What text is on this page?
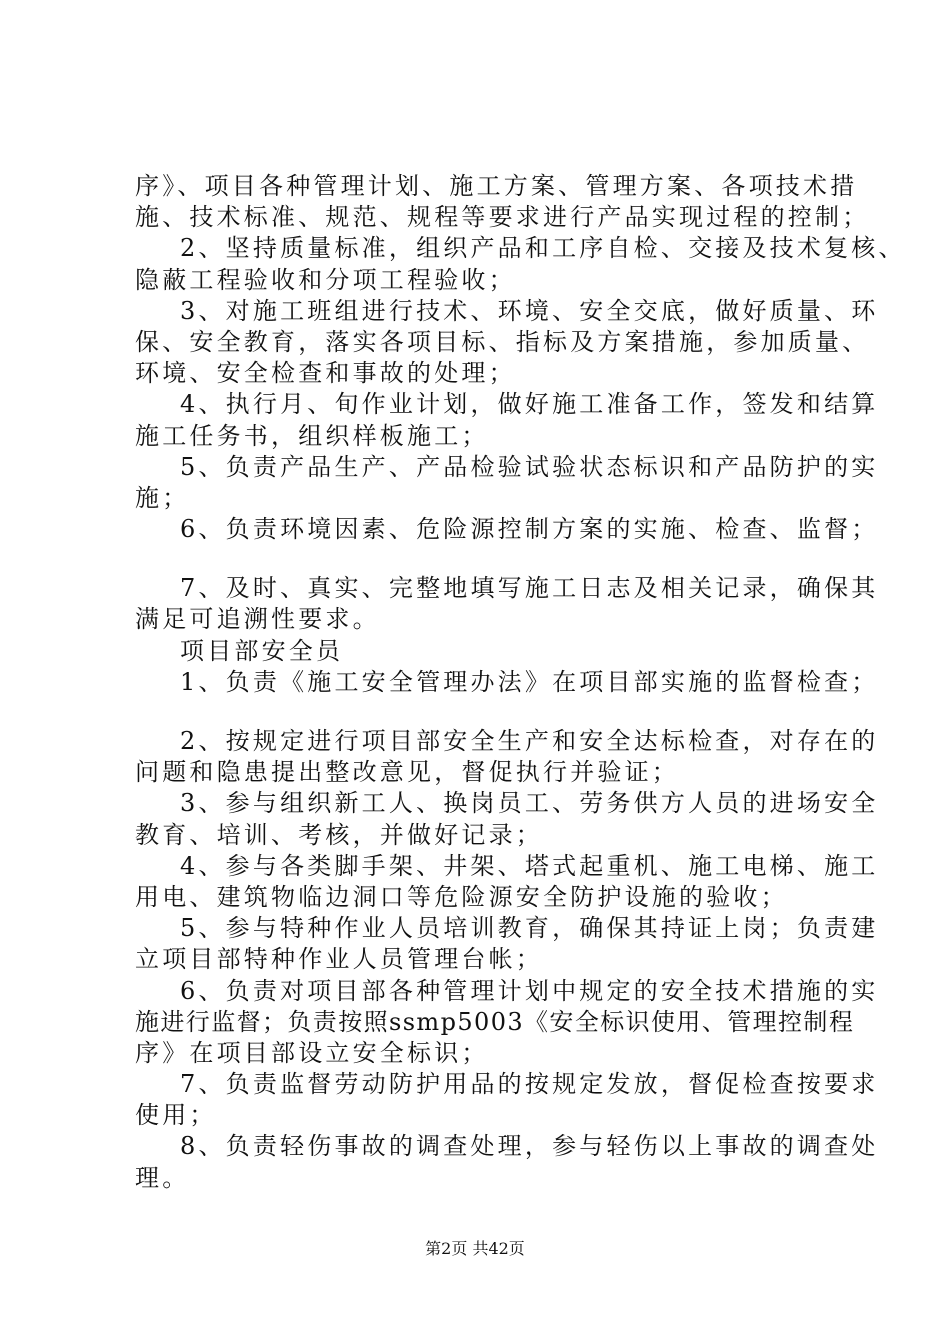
序》、项目各种管理计划、施工方案、管理方案、各项技术措
施、技术标准、规范、规程等要求进行产品实现过程的控制；
2、坚持质量标准，组织产品和工序自检、交接及技术复核、
隐蔽工程验收和分项工程验收；
3、对施工班组进行技术、环境、安全交底，做好质量、环
保、安全教育，落实各项目标、指标及方案措施，参加质量、
环境、安全检查和事故的处理；
4、执行月、旬作业计划，做好施工准备工作，签发和结算
施工任务书，组织样板施工；
5、负责产品生产、产品检验试验状态标识和产品防护的实
施；
6、负责环境因素、危险源控制方案的实施、检查、监督；
7、及时、真实、完整地填写施工日志及相关记录，确保其
满足可追溯性要求。
项目部安全员
1、负责《施工安全管理办法》在项目部实施的监督检查；
2、按规定进行项目部安全生产和安全达标检查，对存在的
问题和隐患提出整改意见，督促执行并验证；
3、参与组织新工人、换岗员工、劳务供方人员的进场安全
教育、培训、考核，并做好记录；
4、参与各类脚手架、井架、塔式起重机、施工电梯、施工
用电、建筑物临边洞口等危险源安全防护设施的验收；
5、参与特种作业人员培训教育，确保其持证上岗；负责建
立项目部特种作业人员管理台帐；
6、负责对项目部各种管理计划中规定的安全技术措施的实
施进行监督；负责按照ssmp5003《安全标识使用、管理控制程
序》在项目部设立安全标识；
7、负责监督劳动防护用品的按规定发放，督促检查按要求
使用；
8、负责轻伤事故的调查处理，参与轻伤以上事故的调查处
理。
第2页 共42页
